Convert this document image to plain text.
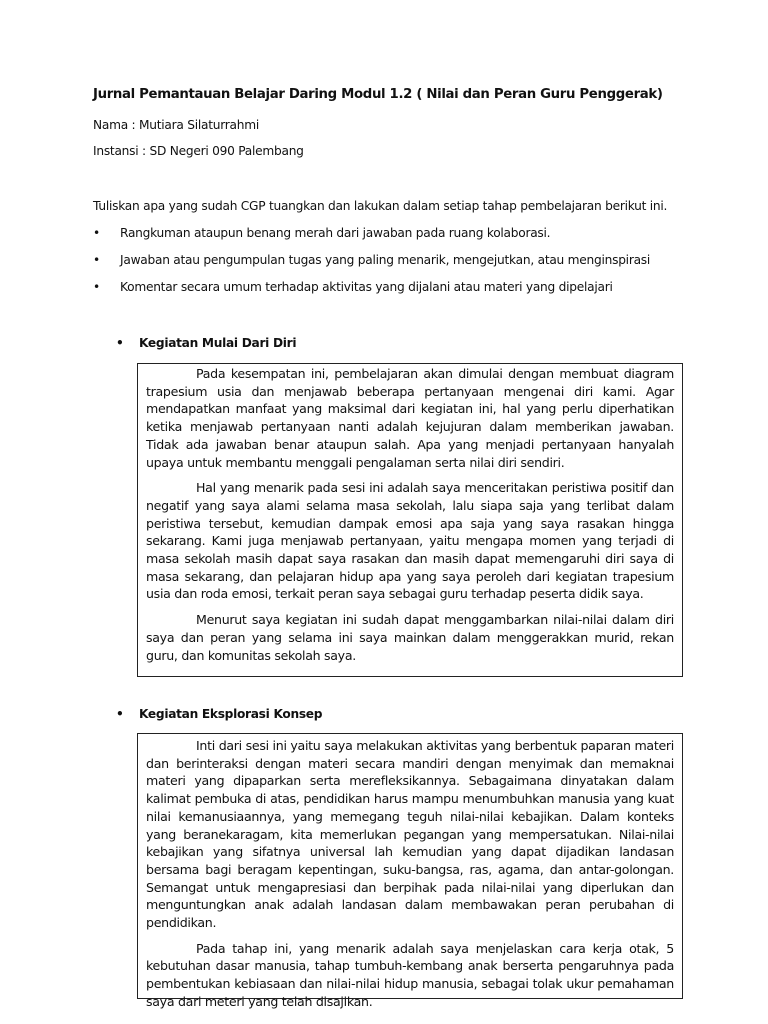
Jurnal Pemantauan Belajar Daring Modul 1.2 ( Nilai dan Peran Guru Penggerak)
Nama : Mutiara Silaturrahmi
Instansi : SD Negeri 090 Palembang
Tuliskan apa yang sudah CGP tuangkan dan lakukan dalam setiap tahap pembelajaran berikut ini.
• Rangkuman ataupun benang merah dari jawaban pada ruang kolaborasi.
• Jawaban atau pengumpulan tugas yang paling menarik, mengejutkan, atau menginspirasi
• Komentar secara umum terhadap aktivitas yang dijalani atau materi yang dipelajari
• Kegiatan Mulai Dari Diri

Pada kesempatan ini, pembelajaran akan dimulai dengan membuat diagram trapesium usia dan menjawab beberapa pertanyaan mengenai diri kami. Agar mendapatkan manfaat yang maksimal dari kegiatan ini, hal yang perlu diperhatikan ketika menjawab pertanyaan nanti adalah kejujuran dalam memberikan jawaban. Tidak ada jawaban benar ataupun salah. Apa yang menjadi pertanyaan hanyalah upaya untuk membantu menggali pengalaman serta nilai diri sendiri.

Hal yang menarik pada sesi ini adalah saya menceritakan peristiwa positif dan negatif yang saya alami selama masa sekolah, lalu siapa saja yang terlibat dalam peristiwa tersebut, kemudian dampak emosi apa saja yang saya rasakan hingga sekarang. Kami juga menjawab pertanyaan, yaitu mengapa momen yang terjadi di masa sekolah masih dapat saya rasakan dan masih dapat memengaruhi diri saya di masa sekarang, dan pelajaran hidup apa yang saya peroleh dari kegiatan trapesium usia dan roda emosi, terkait peran saya sebagai guru terhadap peserta didik saya.

Menurut saya kegiatan ini sudah dapat menggambarkan nilai-nilai dalam diri saya dan peran yang selama ini saya mainkan dalam menggerakkan murid, rekan guru, dan komunitas sekolah saya.

• Kegiatan Eksplorasi Konsep

Inti dari sesi ini yaitu saya melakukan aktivitas yang berbentuk paparan materi dan berinteraksi dengan materi secara mandiri dengan menyimak dan memaknai materi yang dipaparkan serta merefleksikannya. Sebagaimana dinyatakan dalam kalimat pembuka di atas, pendidikan harus mampu menumbuhkan manusia yang kuat nilai kemanusiaannya, yang memegang teguh nilai-nilai kebajikan. Dalam konteks yang beranekaragam, kita memerlukan pegangan yang mempersatukan. Nilai-nilai kebajikan yang sifatnya universal lah kemudian yang dapat dijadikan landasan bersama bagi beragam kepentingan, suku-bangsa, ras, agama, dan antar-golongan. Semangat untuk mengapresiasi dan berpihak pada nilai-nilai yang diperlukan dan menguntungkan anak adalah landasan dalam membawakan peran perubahan di pendidikan.

Pada tahap ini, yang menarik adalah saya menjelaskan cara kerja otak, 5 kebutuhan dasar manusia, tahap tumbuh-kembang anak berserta pengaruhnya pada pembentukan kebiasaan dan nilai-nilai hidup manusia, sebagai tolak ukur pemahaman saya dari meteri yang telah disajikan.
